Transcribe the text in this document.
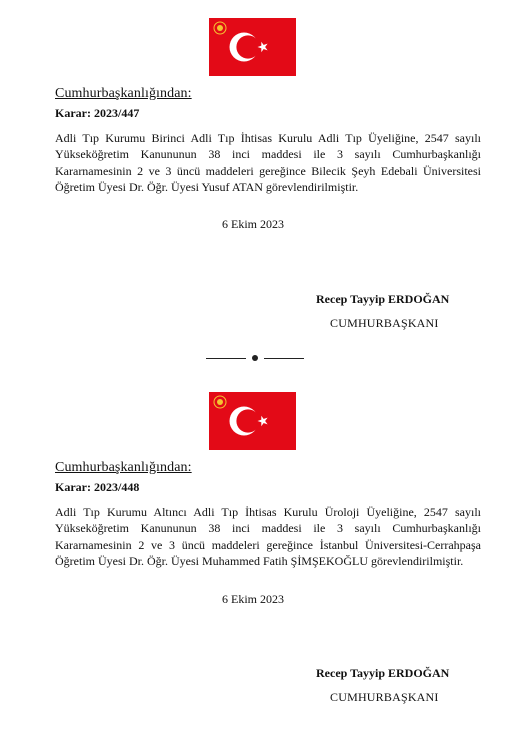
Cumhurbaşkanlığından:
Karar: 2023/447
Adli Tıp Kurumu Birinci Adli Tıp İhtisas Kurulu Adli Tıp Üyeliğine, 2547 sayılı Yükseköğretim Kanununun 38 inci maddesi ile 3 sayılı Cumhurbaşkanlığı Kararnamesinin 2 ve 3 üncü maddeleri gereğince Bilecik Şeyh Edebali Üniversitesi Öğretim Üyesi Dr. Öğr. Üyesi Yusuf ATAN görevlendirilmiştir.
6 Ekim 2023
Recep Tayyip ERDOĞAN
CUMHURBAŞKANI
Cumhurbaşkanlığından:
Karar: 2023/448
Adli Tıp Kurumu Altıncı Adli Tıp İhtisas Kurulu Üroloji Üyeliğine, 2547 sayılı Yükseköğretim Kanununun 38 inci maddesi ile 3 sayılı Cumhurbaşkanlığı Kararnamesinin 2 ve 3 üncü maddeleri gereğince İstanbul Üniversitesi-Cerrahpaşa Öğretim Üyesi Dr. Öğr. Üyesi Muhammed Fatih ŞİMŞEKOĞLU görevlendirilmiştir.
6 Ekim 2023
Recep Tayyip ERDOĞAN
CUMHURBAŞKANI
